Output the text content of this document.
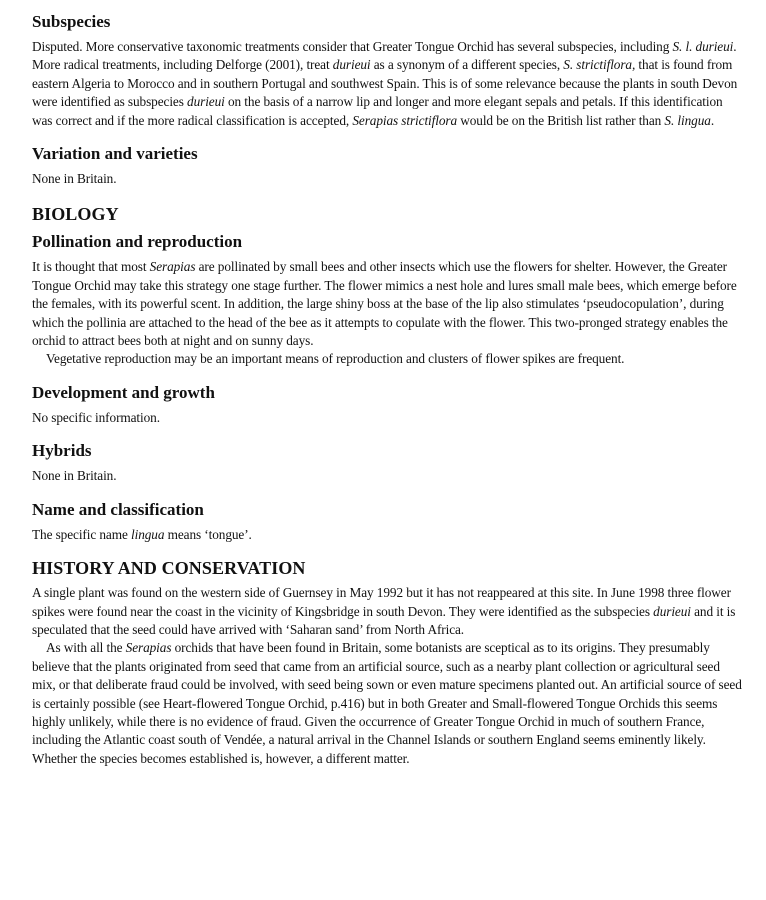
Subspecies

Disputed. More conservative taxonomic treatments consider that Greater Tongue Orchid has several subspecies, including S. l. durieui. More radical treatments, including Delforge (2001), treat durieui as a synonym of a different species, S. strictiflora, that is found from eastern Algeria to Morocco and in southern Portugal and southwest Spain. This is of some relevance because the plants in south Devon were identified as subspecies durieui on the basis of a narrow lip and longer and more elegant sepals and petals. If this identification was correct and if the more radical classification is accepted, Serapias strictiflora would be on the British list rather than S. lingua.

Variation and varieties

None in Britain.

BIOLOGY
Pollination and reproduction

It is thought that most Serapias are pollinated by small bees and other insects which use the flowers for shelter. However, the Greater Tongue Orchid may take this strategy one stage further. The flower mimics a nest hole and lures small male bees, which emerge before the females, with its powerful scent. In addition, the large shiny boss at the base of the lip also stimulates ‘pseudocopulation’, during which the pollinia are attached to the head of the bee as it attempts to copulate with the flower. This two-pronged strategy enables the orchid to attract bees both at night and on sunny days.

Vegetative reproduction may be an important means of reproduction and clusters of flower spikes are frequent.

Development and growth

No specific information.

Hybrids

None in Britain.

Name and classification

The specific name lingua means ‘tongue’.

HISTORY AND CONSERVATION

A single plant was found on the western side of Guernsey in May 1992 but it has not reappeared at this site. In June 1998 three flower spikes were found near the coast in the vicinity of Kingsbridge in south Devon. They were identified as the subspecies durieui and it is speculated that the seed could have arrived with ‘Saharan sand’ from North Africa.

As with all the Serapias orchids that have been found in Britain, some botanists are sceptical as to its origins. They presumably believe that the plants originated from seed that came from an artificial source, such as a nearby plant collection or agricultural seed mix, or that deliberate fraud could be involved, with seed being sown or even mature specimens planted out. An artificial source of seed is certainly possible (see Heart-flowered Tongue Orchid, p.416) but in both Greater and Small-flowered Tongue Orchids this seems highly unlikely, while there is no evidence of fraud. Given the occurrence of Greater Tongue Orchid in much of southern France, including the Atlantic coast south of Vendée, a natural arrival in the Channel Islands or southern England seems eminently likely. Whether the species becomes established is, however, a different matter.
